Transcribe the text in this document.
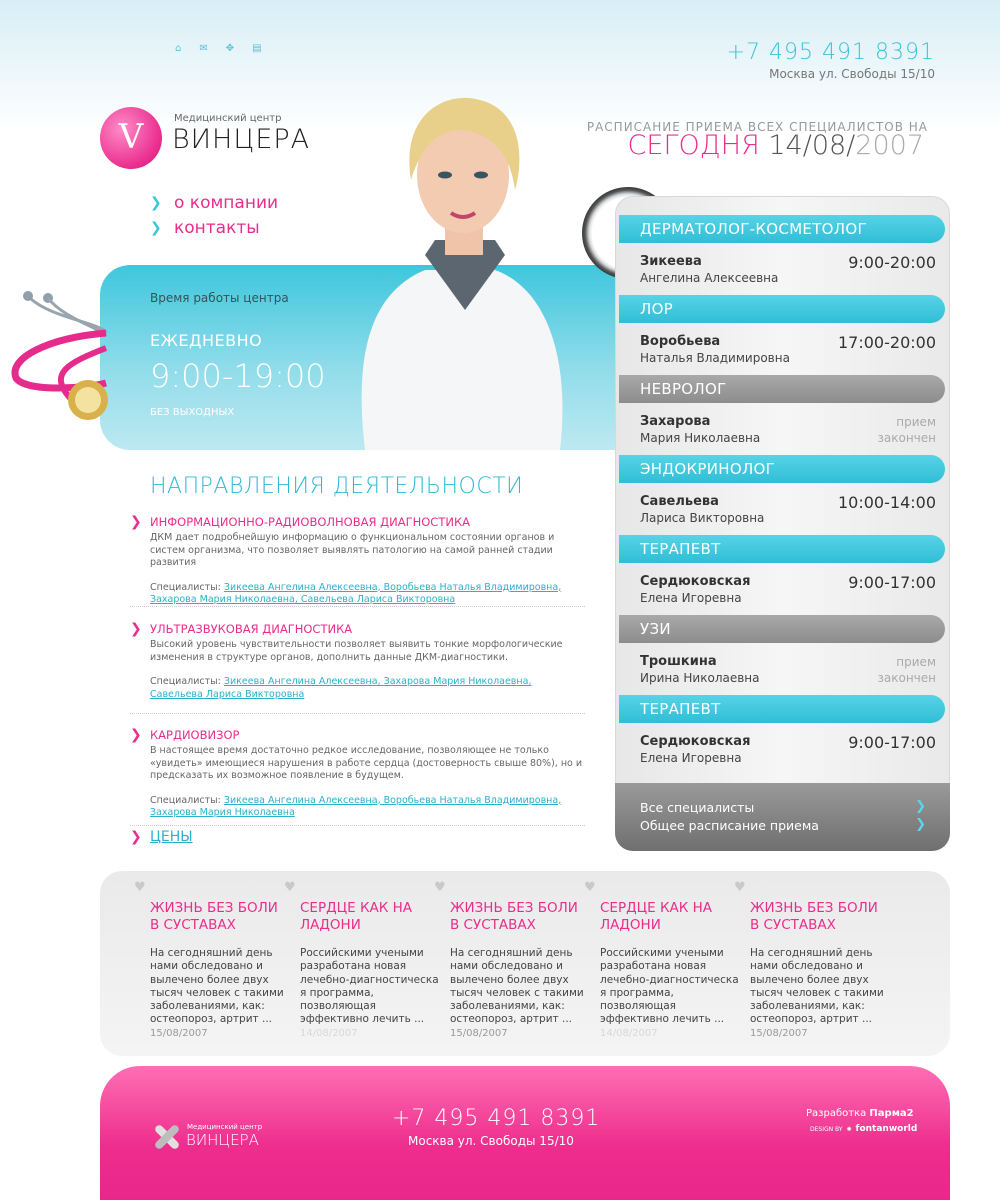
⌂ ✉ ✥ ▤	+7 495 491 8391
Москва ул. Свободы 15/10
V	Медицинский центр
ВИНЦЕРА
❯ о компании
❯ контакты
Время работы центра
ЕЖЕДНЕВНО
9:00-19:00
БЕЗ ВЫХОДНЫХ
РАСПИСАНИЕ ПРИЕМА ВСЕХ СПЕЦИАЛИСТОВ НА
СЕГОДНЯ 14/08/2007
ДЕРМАТОЛОГ-КОСМЕТОЛОГ
Зикеева
Ангелина Алексеевна
9:00-20:00
ЛОР
Воробьева
Наталья Владимировна
17:00-20:00
НЕВРОЛОГ
Захарова
Мария Николаевна
прием
закончен
ЭНДОКРИНОЛОГ
Савельева
Лариса Викторовна
10:00-14:00
ТЕРАПЕВТ
Сердюковская
Елена Игоревна
9:00-17:00
УЗИ
Трошкина
Ирина Николаевна
прием
закончен
ТЕРАПЕВТ
Сердюковская
Елена Игоревна
9:00-17:00
Все специалисты	❯
Общее расписание приема	❯
НАПРАВЛЕНИЯ ДЕЯТЕЛЬНОСТИ
❯ ИНФОРМАЦИОННО-РАДИОВОЛНОВАЯ ДИАГНОСТИКА
ДКМ дает подробнейшую информацию о функциональном состоянии органов и систем организма, что позволяет выявлять патологию на самой ранней стадии развития
Специалисты: Зикеева Ангелина Алексеевна, Воробьева Наталья Владимировна, Захарова Мария Николаевна, Савельева Лариса Викторовна
❯ УЛЬТРАЗВУКОВАЯ ДИАГНОСТИКА
Высокий уровень чувствительности позволяет выявить тонкие морфологические изменения в структуре органов, дополнить данные ДКМ-диагностики.
Специалисты: Зикеева Ангелина Алексеевна, Захарова Мария Николаевна, Савельева Лариса Викторовна
❯ КАРДИОВИЗОР
В настоящее время достаточно редкое исследование, позволяющее не только «увидеть» имеющиеся нарушения в работе сердца (достоверность свыше 80%), но и предсказать их возможное появление в будущем.
Специалисты: Зикеева Ангелина Алексеевна, Воробьева Наталья Владимировна, Захарова Мария Николаевна
❯ ЦЕНЫ
♥
ЖИЗНЬ БЕЗ БОЛИ В СУСТАВАХ
На сегодняшний день нами обследовано и вылечено более двух тысяч человек с такими заболеваниями, как: остеопороз, артрит ...
15/08/2007
♥
СЕРДЦЕ КАК НА ЛАДОНИ
Российскими учеными разработана новая лечебно-диагностическа я программа, позволяющая эффективно лечить ...
14/08/2007
♥
ЖИЗНЬ БЕЗ БОЛИ В СУСТАВАХ
На сегодняшний день нами обследовано и вылечено более двух тысяч человек с такими заболеваниями, как: остеопороз, артрит ...
15/08/2007
♥
СЕРДЦЕ КАК НА ЛАДОНИ
Российскими учеными разработана новая лечебно-диагностическа я программа, позволяющая эффективно лечить ...
14/08/2007
♥
ЖИЗНЬ БЕЗ БОЛИ В СУСТАВАХ
На сегодняшний день нами обследовано и вылечено более двух тысяч человек с такими заболеваниями, как: остеопороз, артрит ...
15/08/2007
Медицинский центр
ВИНЦЕРА
+7 495 491 8391
Москва ул. Свободы 15/10
Разработка Парма2
DESIGN BY ✺ fontanworld
